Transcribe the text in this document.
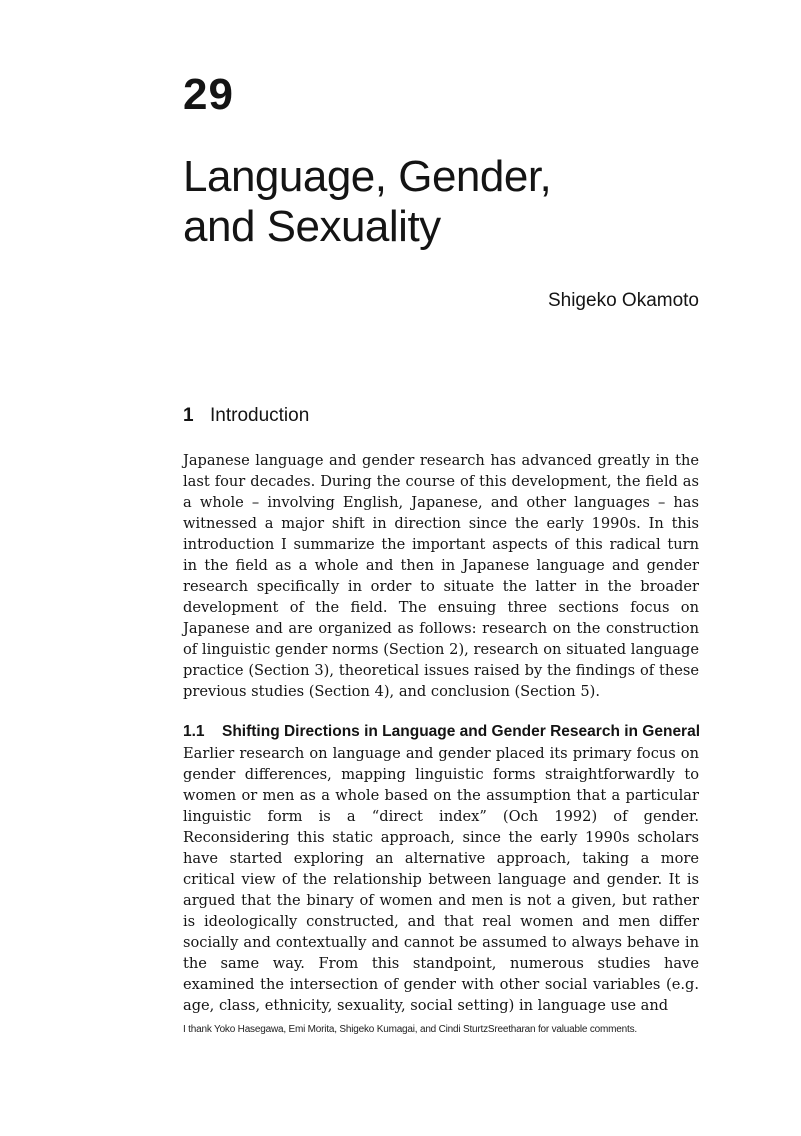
29
Language, Gender,
and Sexuality
Shigeko Okamoto
1 Introduction

Japanese language and gender research has advanced greatly in the last four decades. During the course of this development, the field as a whole – involving English, Japanese, and other languages – has witnessed a major shift in direction since the early 1990s. In this introduction I summarize the important aspects of this radical turn in the field as a whole and then in Japanese language and gender research specifically in order to situate the latter in the broader development of the field. The ensuing three sections focus on Japanese and are organized as follows: research on the construction of linguistic gender norms (Section 2), research on situated language practice (Section 3), theoretical issues raised by the findings of these previous studies (Section 4), and conclusion (Section 5).

1.1 Shifting Directions in Language and Gender Research in General

Earlier research on language and gender placed its primary focus on gender differences, mapping linguistic forms straightforwardly to women or men as a whole based on the assumption that a particular linguistic form is a “direct index” (Och 1992) of gender. Reconsidering this static approach, since the early 1990s scholars have started exploring an alternative approach, taking a more critical view of the relationship between language and gender. It is argued that the binary of women and men is not a given, but rather is ideologically constructed, and that real women and men differ socially and contextually and cannot be assumed to always behave in the same way. From this standpoint, numerous studies have examined the intersection of gender with other social variables (e.g. age, class, ethnicity, sexuality, social setting) in language use and

I thank Yoko Hasegawa, Emi Morita, Shigeko Kumagai, and Cindi SturtzSreetharan for valuable comments.
